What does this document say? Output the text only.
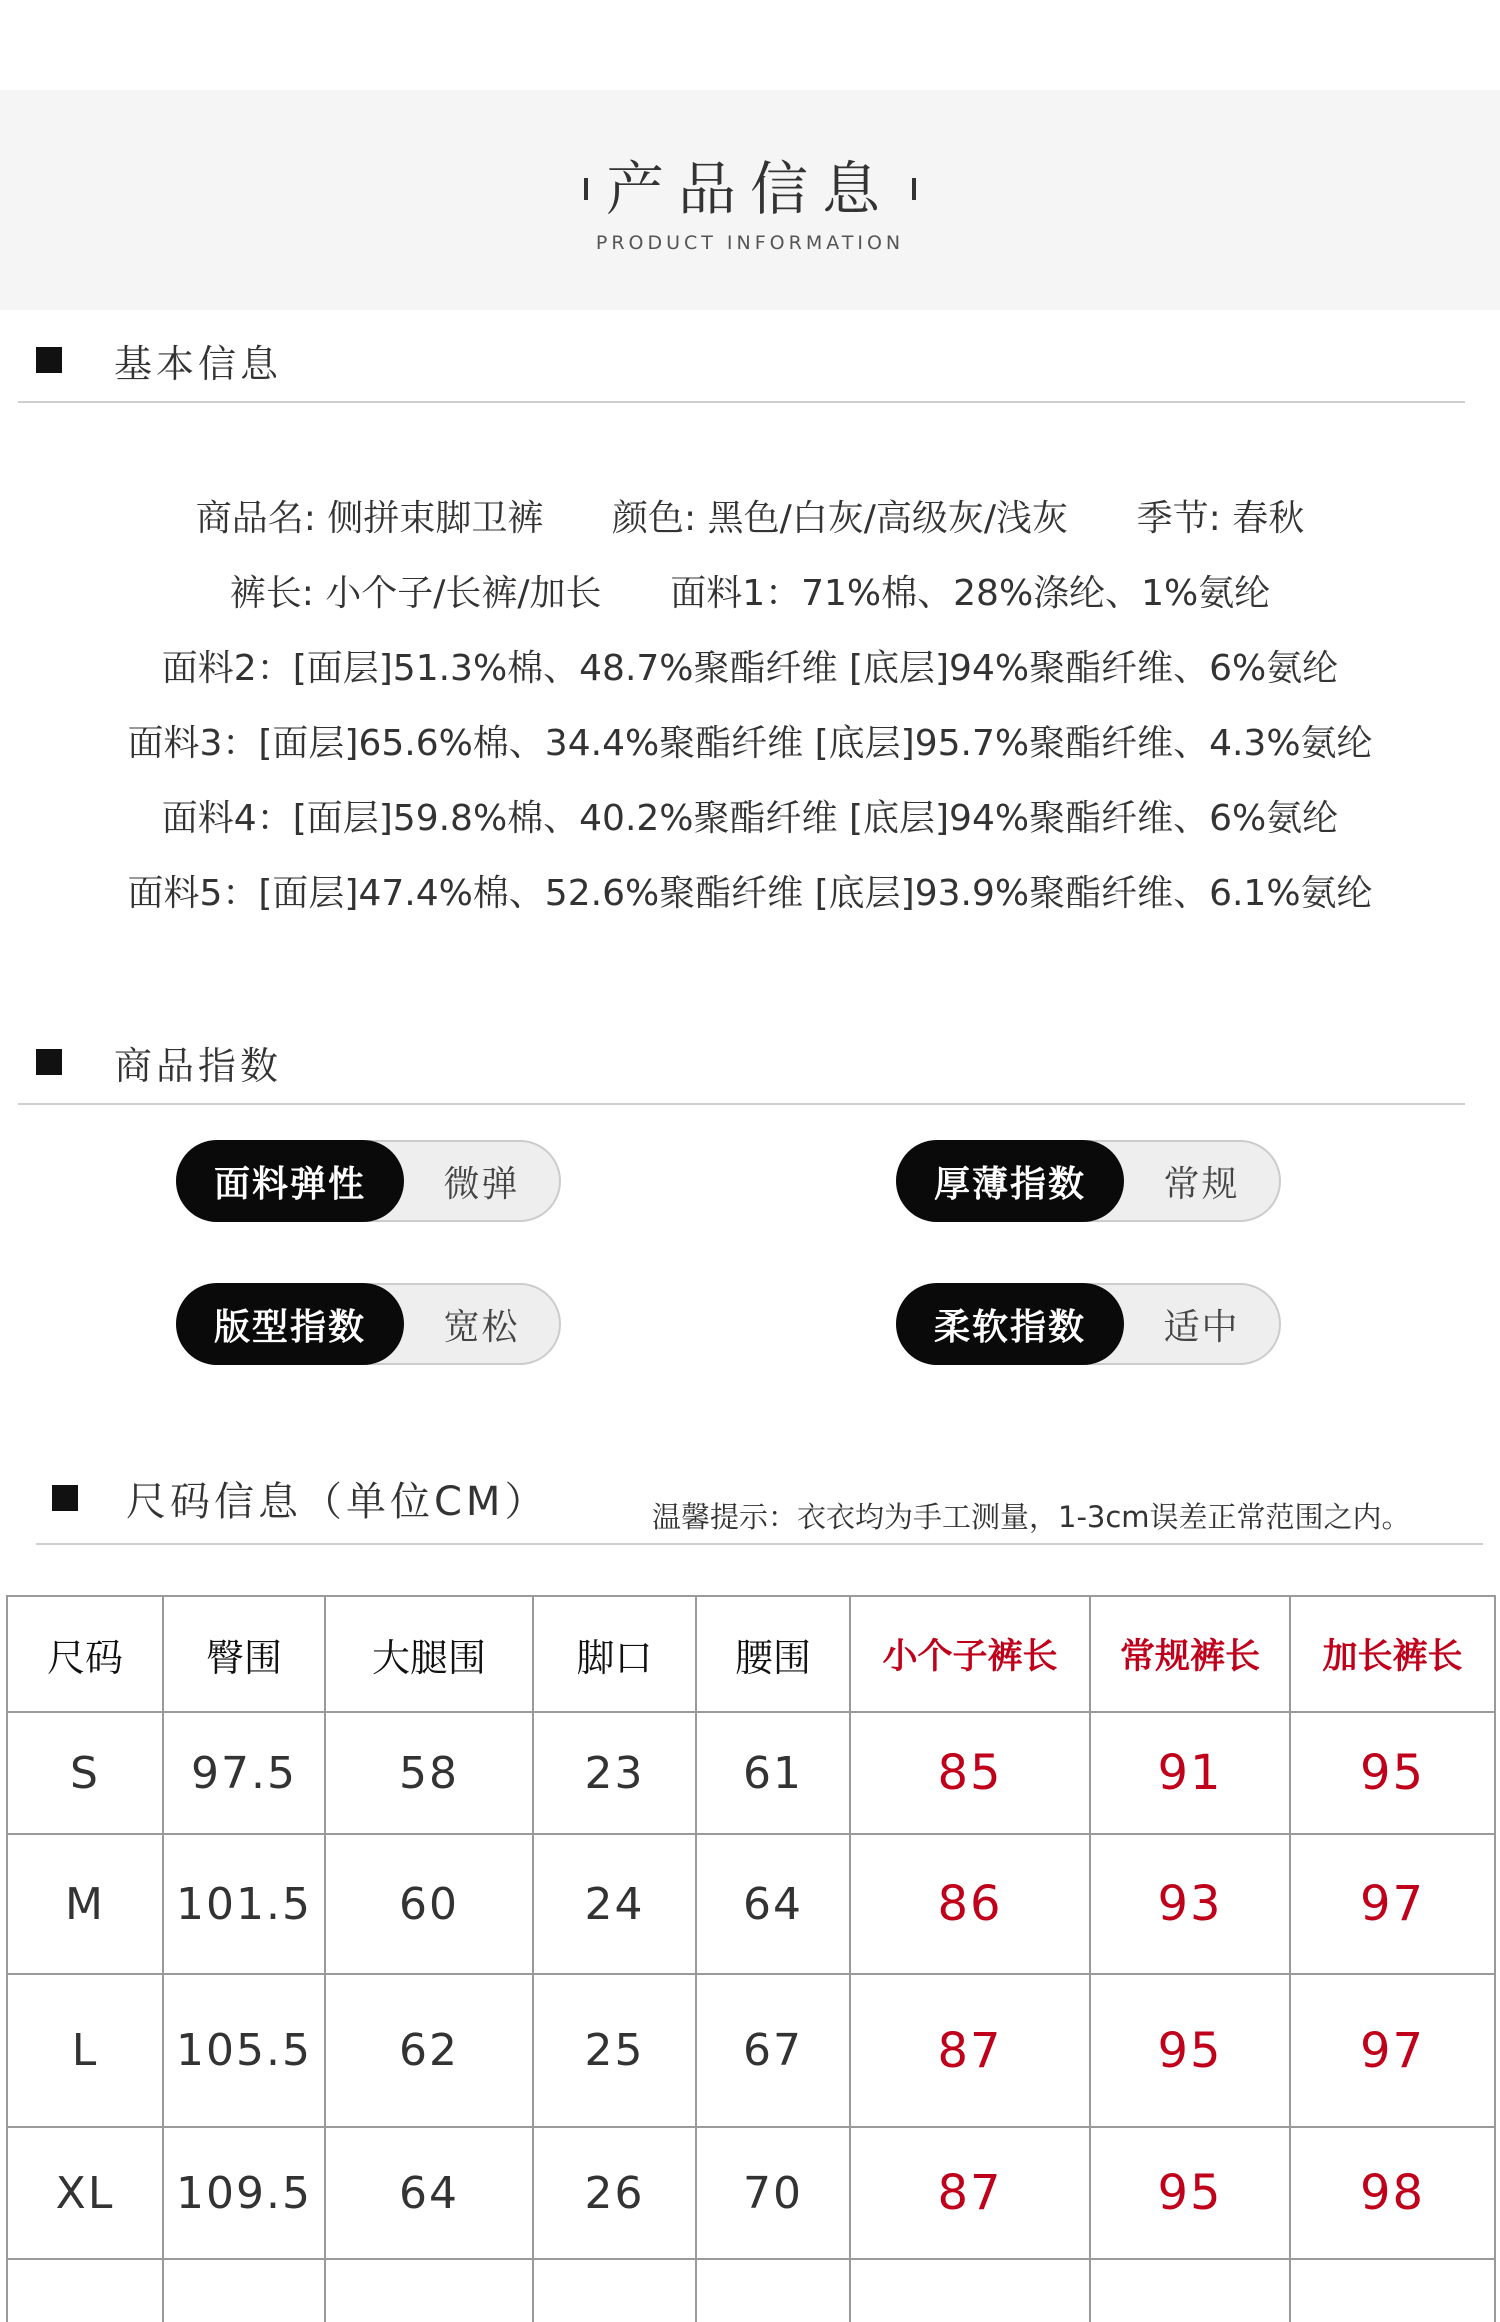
产品信息
PRODUCT INFORMATION
基本信息
商品名: 侧拼束脚卫裤      颜色: 黑色/白灰/高级灰/浅灰      季节: 春秋
裤长: 小个子/长裤/加长      面料1：71%棉、28%涤纶、1%氨纶
面料2：[面层]51.3%棉、48.7%聚酯纤维 [底层]94%聚酯纤维、6%氨纶
面料3：[面层]65.6%棉、34.4%聚酯纤维 [底层]95.7%聚酯纤维、4.3%氨纶
面料4：[面层]59.8%棉、40.2%聚酯纤维 [底层]94%聚酯纤维、6%氨纶
面料5：[面层]47.4%棉、52.6%聚酯纤维 [底层]93.9%聚酯纤维、6.1%氨纶
商品指数
面料弹性	微弹	厚薄指数	常规
版型指数	宽松	柔软指数	适中
尺码信息（单位CM）	温馨提示：衣衣均为手工测量，1-3cm误差正常范围之内。
尺码	臀围	大腿围	脚口	腰围	小个子裤长	常规裤长	加长裤长
S	97.5	58	23	61	85	91	95
M	101.5	60	24	64	86	93	97
L	105.5	62	25	67	87	95	97
XL	109.5	64	26	70	87	95	98
